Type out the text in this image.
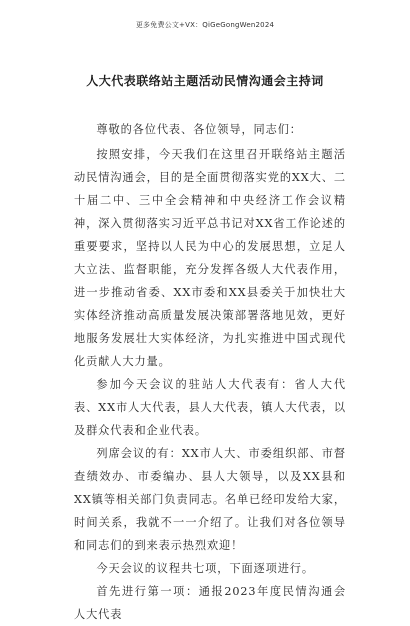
更多免费公文+VX：QiGeGongWen2024
人大代表联络站主题活动民情沟通会主持词

尊敬的各位代表、各位领导，同志们：

按照安排，今天我们在这里召开联络站主题活动民情沟通会，目的是全面贯彻落实党的XX大、二十届二中、三中全会精神和中央经济工作会议精神，深入贯彻落实习近平总书记对XX省工作论述的重要要求，坚持以人民为中心的发展思想，立足人大立法、监督职能，充分发挥各级人大代表作用，进一步推动省委、XX市委和XX县委关于加快壮大实体经济推动高质量发展决策部署落地见效，更好地服务发展壮大实体经济，为扎实推进中国式现代化贡献人大力量。

参加今天会议的驻站人大代表有：省人大代表、XX市人大代表，县人大代表，镇人大代表，以及群众代表和企业代表。

列席会议的有：XX市人大、市委组织部、市督查绩效办、市委编办、县人大领导，以及XX县和XX镇等相关部门负责同志。名单已经印发给大家，时间关系，我就不一一介绍了。让我们对各位领导和同志们的到来表示热烈欢迎！

今天会议的议程共七项，下面逐项进行。

首先进行第一项：通报2023年度民情沟通会人大代表
